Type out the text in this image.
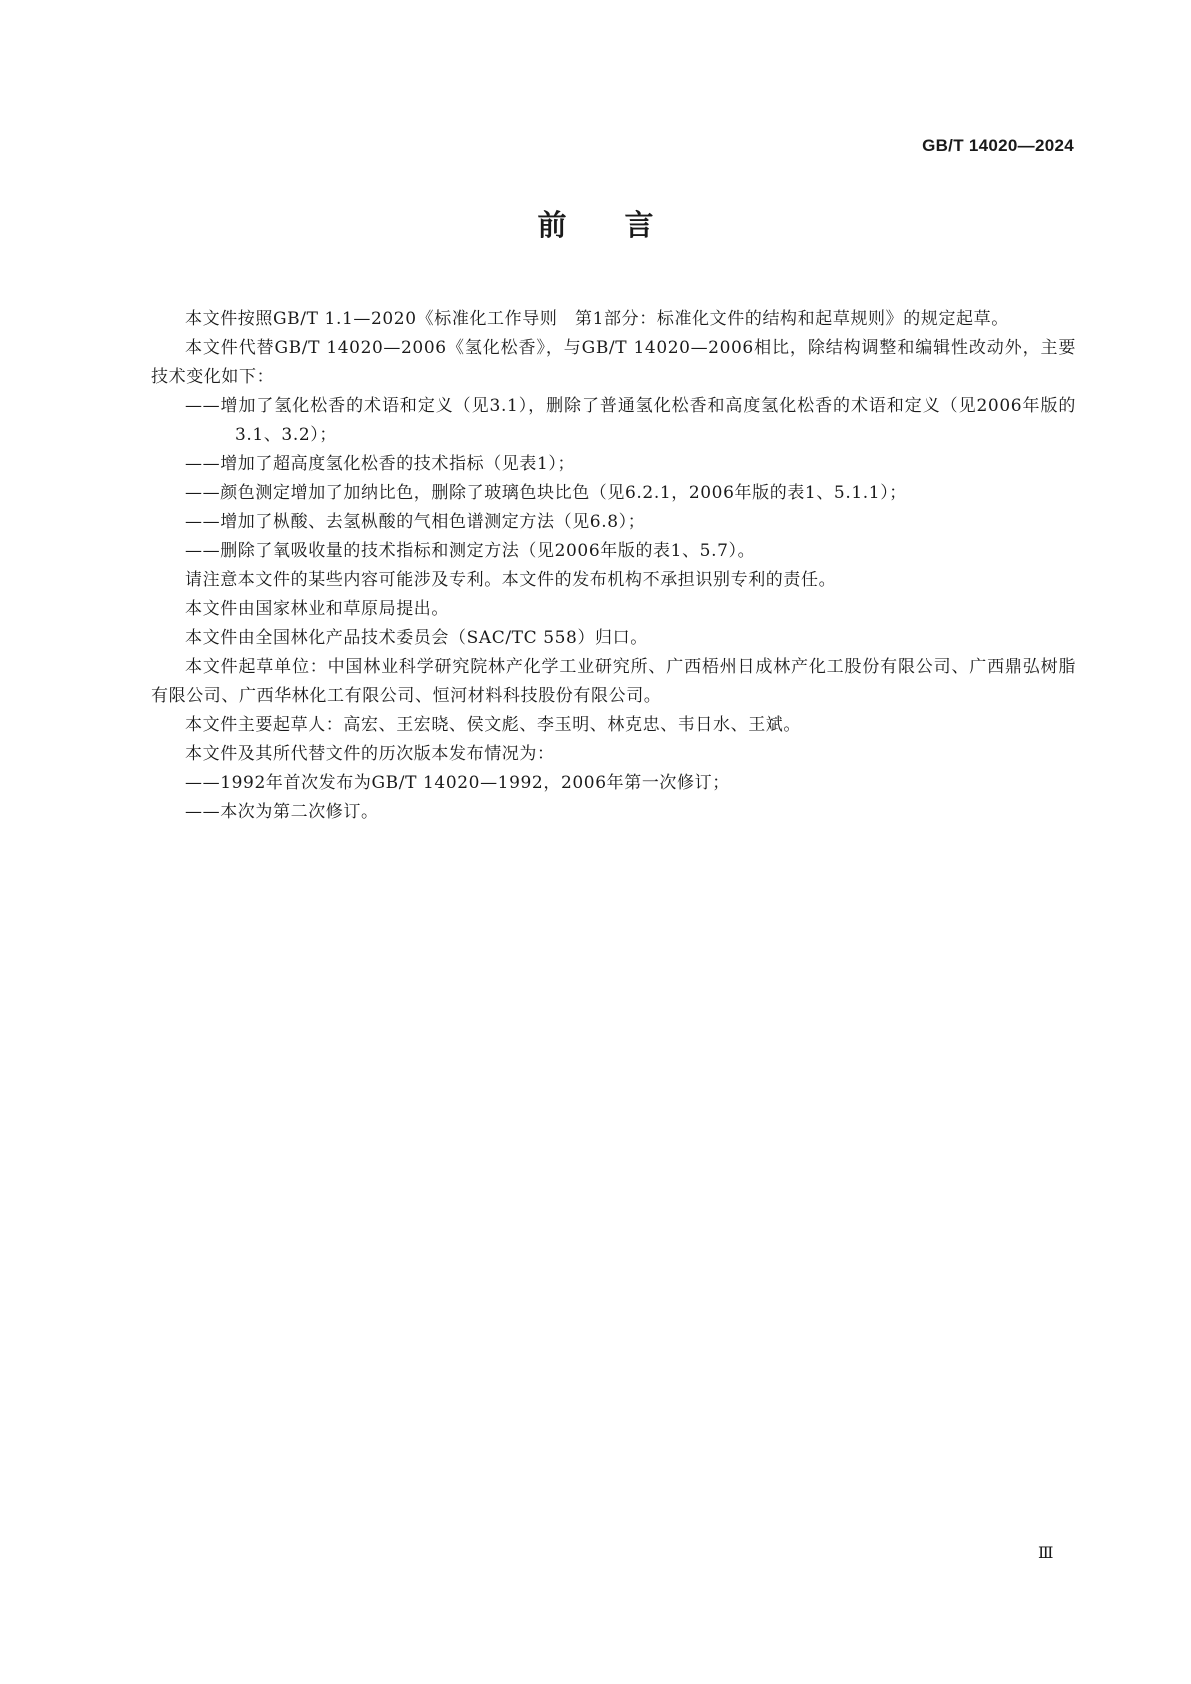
GB/T 14020—2024
前言

本文件按照GB/T 1.1—2020《标准化工作导则　第1部分：标准化文件的结构和起草规则》的规定起草。

本文件代替GB/T 14020—2006《氢化松香》，与GB/T 14020—2006相比，除结构调整和编辑性改动外，主要技术变化如下：

——增加了氢化松香的术语和定义（见3.1），删除了普通氢化松香和高度氢化松香的术语和定义（见2006年版的3.1、3.2）；

——增加了超高度氢化松香的技术指标（见表1）；

——颜色测定增加了加纳比色，删除了玻璃色块比色（见6.2.1，2006年版的表1、5.1.1）；

——增加了枞酸、去氢枞酸的气相色谱测定方法（见6.8）；

——删除了氧吸收量的技术指标和测定方法（见2006年版的表1、5.7）。

请注意本文件的某些内容可能涉及专利。本文件的发布机构不承担识别专利的责任。

本文件由国家林业和草原局提出。

本文件由全国林化产品技术委员会（SAC/TC 558）归口。

本文件起草单位：中国林业科学研究院林产化学工业研究所、广西梧州日成林产化工股份有限公司、广西鼎弘树脂有限公司、广西华林化工有限公司、恒河材料科技股份有限公司。

本文件主要起草人：高宏、王宏晓、侯文彪、李玉明、林克忠、韦日水、王斌。

本文件及其所代替文件的历次版本发布情况为：

——1992年首次发布为GB/T 14020—1992，2006年第一次修订；

——本次为第二次修订。

Ⅲ
